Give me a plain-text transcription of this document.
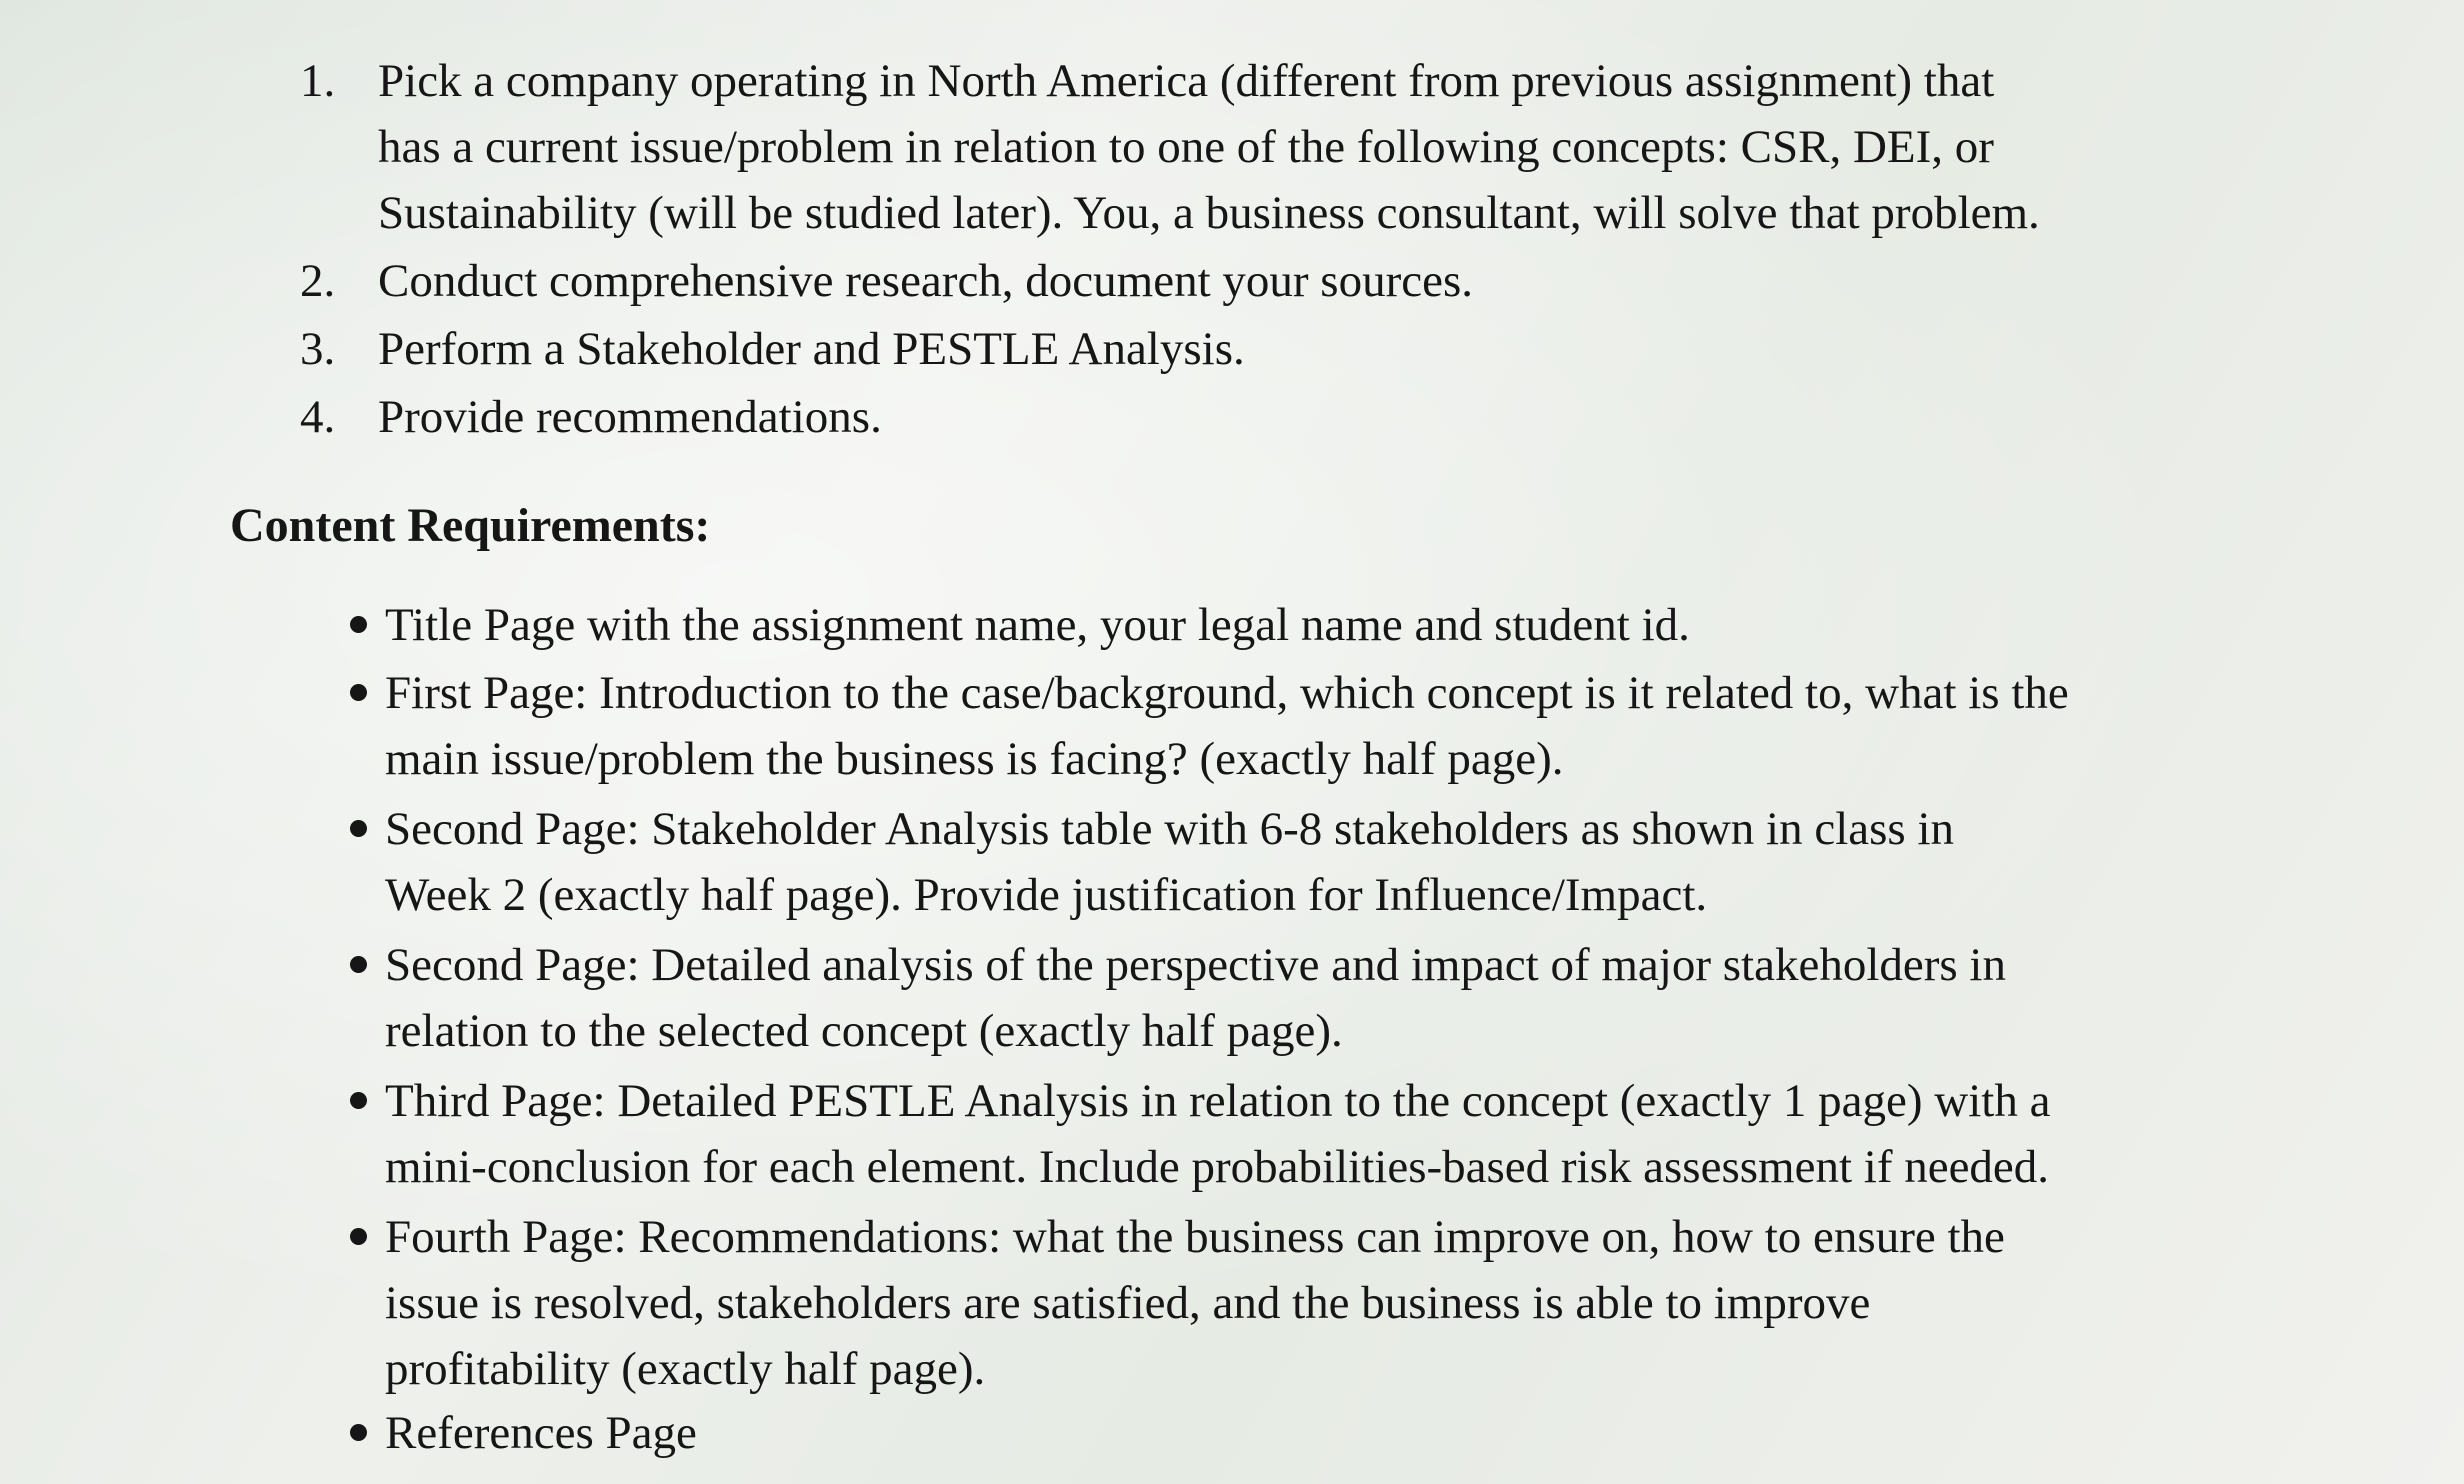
1. Pick a company operating in North America (different from previous assignment) that
has a current issue/problem in relation to one of the following concepts: CSR, DEI, or
Sustainability (will be studied later). You, a business consultant, will solve that problem.
2. Conduct comprehensive research, document your sources.
3. Perform a Stakeholder and PESTLE Analysis.
4. Provide recommendations.
Content Requirements:
Title Page with the assignment name, your legal name and student id.
First Page: Introduction to the case/background, which concept is it related to, what is the
main issue/problem the business is facing? (exactly half page).
Second Page: Stakeholder Analysis table with 6-8 stakeholders as shown in class in
Week 2 (exactly half page). Provide justification for Influence/Impact.
Second Page: Detailed analysis of the perspective and impact of major stakeholders in
relation to the selected concept (exactly half page).
Third Page: Detailed PESTLE Analysis in relation to the concept (exactly 1 page) with a
mini-conclusion for each element. Include probabilities-based risk assessment if needed.
Fourth Page: Recommendations: what the business can improve on, how to ensure the
issue is resolved, stakeholders are satisfied, and the business is able to improve
profitability (exactly half page).
References Page
